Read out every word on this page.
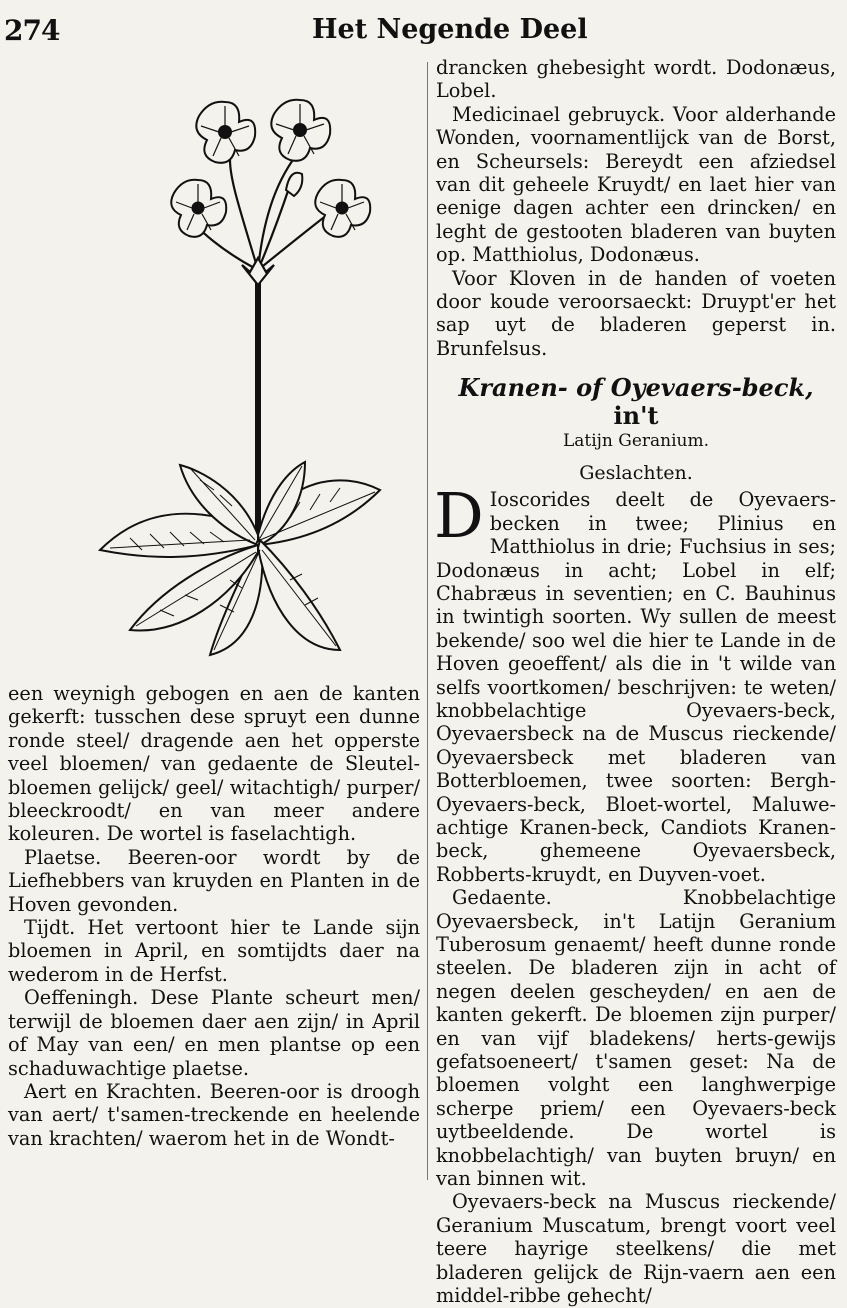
274	Het Negende Deel

een weynigh gebogen en aen de kanten gekerft: tusschen dese spruyt een dunne ronde steel/ dragende aen het opperste veel bloemen/ van gedaente de Sleutel-bloemen gelijck/ geel/ witachtigh/ purper/ bleeckroodt/ en van meer andere koleuren. De wortel is faselachtigh.

Plaetse. Beeren-oor wordt by de Liefhebbers van kruyden en Planten in de Hoven gevonden.

Tijdt. Het vertoont hier te Lande sijn bloemen in April, en somtijdts daer na wederom in de Herfst.

Oeffeningh. Dese Plante scheurt men/ terwijl de bloemen daer aen zijn/ in April of May van een/ en men plantse op een schaduwachtige plaetse.

Aert en Krachten. Beeren-oor is droogh van aert/ t'samen-treckende en heelende van krachten/ waerom het in de Wondt-

drancken ghebesight wordt. Dodonæus, Lobel.

Medicinael gebruyck. Voor alderhande Wonden, voornamentlijck van de Borst, en Scheursels: Bereydt een afziedsel van dit geheele Kruydt/ en laet hier van eenige dagen achter een drincken/ en leght de gestooten bladeren van buyten op. Matthiolus, Dodonæus.

Voor Kloven in de handen of voeten door koude veroorsaeckt: Druypt'er het sap uyt de bladeren geperst in. Brunfelsus.

Kranen- of Oyevaers-beck, in't
Latijn Geranium.
Geslachten.

D Ioscorides deelt de Oyevaers-becken in twee; Plinius en Matthiolus in drie; Fuchsius in ses; Dodonæus in acht; Lobel in elf; Chabræus in seventien; en C. Bauhinus in twintigh soorten. Wy sullen de meest bekende/ soo wel die hier te Lande in de Hoven geoeffent/ als die in 't wilde van selfs voortkomen/ beschrijven: te weten/ knobbelachtige Oyevaers-beck, Oyevaersbeck na de Muscus rieckende/ Oyevaersbeck met bladeren van Botterbloemen, twee soorten: Bergh-Oyevaers-beck, Bloet-wortel, Maluwe-achtige Kranen-beck, Candiots Kranen-beck, ghemeene Oyevaersbeck, Robberts-kruydt, en Duyven-voet.

Gedaente. Knobbelachtige Oyevaersbeck, in't Latijn Geranium Tuberosum genaemt/ heeft dunne ronde steelen. De bladeren zijn in acht of negen deelen gescheyden/ en aen de kanten gekerft. De bloemen zijn purper/ en van vijf bladekens/ herts-gewijs gefatsoeneert/ t'samen geset: Na de bloemen volght een langhwerpige scherpe priem/ een Oyevaers-beck uytbeeldende. De wortel is knobbelachtigh/ van buyten bruyn/ en van binnen wit.

Oyevaers-beck na Muscus rieckende/ Geranium Muscatum, brengt voort veel teere hayrige steelkens/ die met bladeren gelijck de Rijn-vaern aen een middel-ribbe gehecht/
